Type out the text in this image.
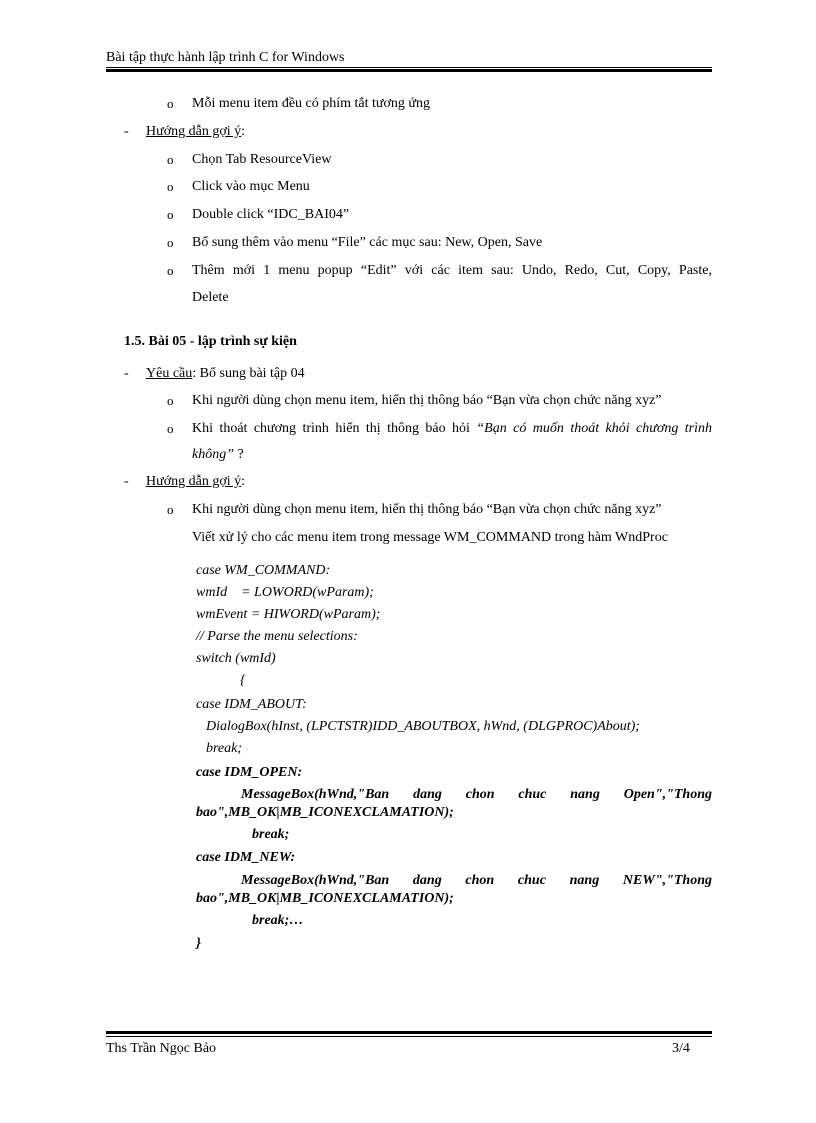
Bài tập thực hành lập trình C for Windows
o Mỗi menu item đều có phím tắt tương ứng
- Hướng dẫn gợi ý:
o Chọn Tab ResourceView
o Click vào mục Menu
o Double click “IDC_BAI04”
o Bổ sung thêm vào menu “File” các mục sau: New, Open, Save
o Thêm mới 1 menu popup “Edit” với các item sau: Undo, Redo, Cut, Copy, Paste,
Delete
1.5. Bài 05 - lập trình sự kiện
- Yêu cầu: Bổ sung bài tập 04
o Khi người dùng chọn menu item, hiển thị thông báo “Bạn vừa chọn chức năng xyz”
o Khi thoát chương trình hiển thị thông báo hỏi “Bạn có muốn thoát khỏi chương trình
không” ?
- Hướng dẫn gợi ý:
o Khi người dùng chọn menu item, hiển thị thông báo “Bạn vừa chọn chức năng xyz”
Viết xử lý cho các menu item trong message WM_COMMAND trong hàm WndProc
case WM_COMMAND:
wmId    = LOWORD(wParam);
wmEvent = HIWORD(wParam);
// Parse the menu selections:
switch (wmId)
{
case IDM_ABOUT:
DialogBox(hInst, (LPCTSTR)IDD_ABOUTBOX, hWnd, (DLGPROC)About);
break;
case IDM_OPEN:
MessageBox(hWnd,"Ban dang chon chuc nang Open","Thong
bao",MB_OK|MB_ICONEXCLAMATION);
break;
case IDM_NEW:
MessageBox(hWnd,"Ban dang chon chuc nang NEW","Thong
bao",MB_OK|MB_ICONEXCLAMATION);
break;…
}
Ths Trần Ngọc Bảo	3/4
